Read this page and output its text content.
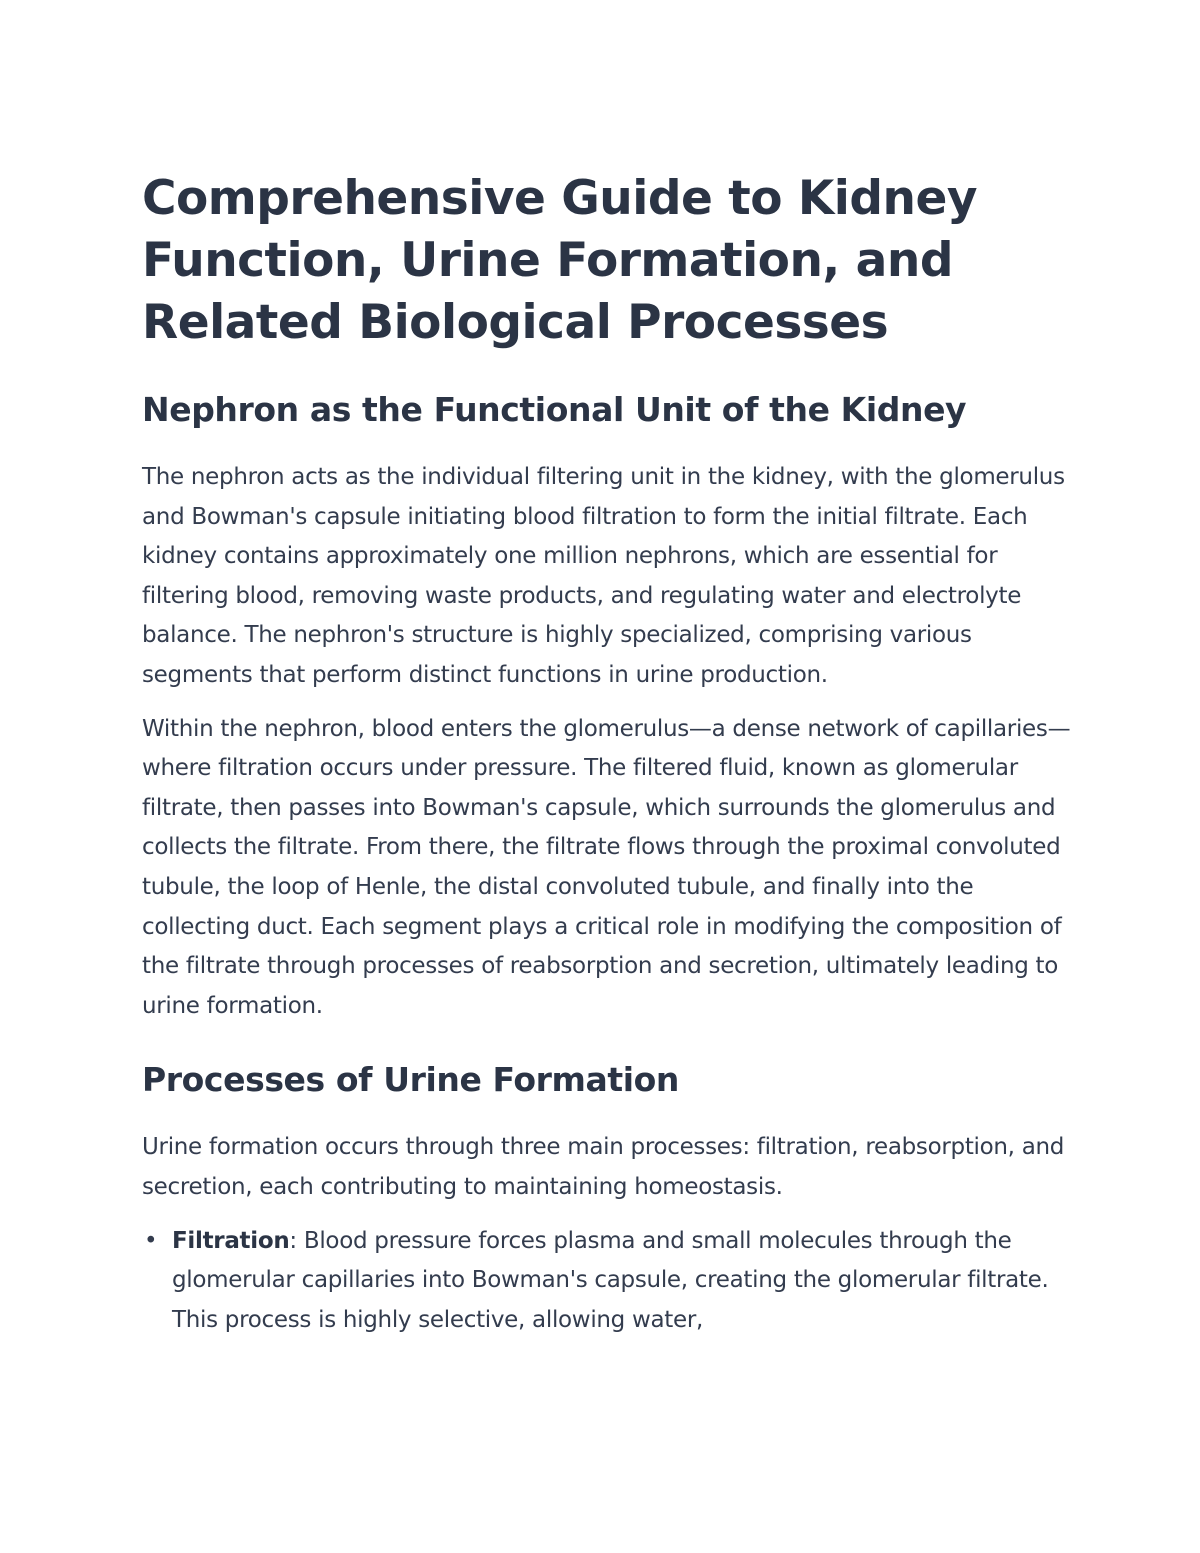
Comprehensive Guide to Kidney Function, Urine Formation, and Related Biological Processes
Nephron as the Functional Unit of the Kidney

The nephron acts as the individual filtering unit in the kidney, with the glomerulus and Bowman's capsule initiating blood filtration to form the initial filtrate. Each kidney contains approximately one million nephrons, which are essential for filtering blood, removing waste products, and regulating water and electrolyte balance. The nephron's structure is highly specialized, comprising various segments that perform distinct functions in urine production.

Within the nephron, blood enters the glomerulus—a dense network of capillaries—where filtration occurs under pressure. The filtered fluid, known as glomerular filtrate, then passes into Bowman's capsule, which surrounds the glomerulus and collects the filtrate. From there, the filtrate flows through the proximal convoluted tubule, the loop of Henle, the distal convoluted tubule, and finally into the collecting duct. Each segment plays a critical role in modifying the composition of the filtrate through processes of reabsorption and secretion, ultimately leading to urine formation.

Processes of Urine Formation

Urine formation occurs through three main processes: filtration, reabsorption, and secretion, each contributing to maintaining homeostasis.

• Filtration: Blood pressure forces plasma and small molecules through the glomerular capillaries into Bowman's capsule, creating the glomerular filtrate. This process is highly selective, allowing water,
